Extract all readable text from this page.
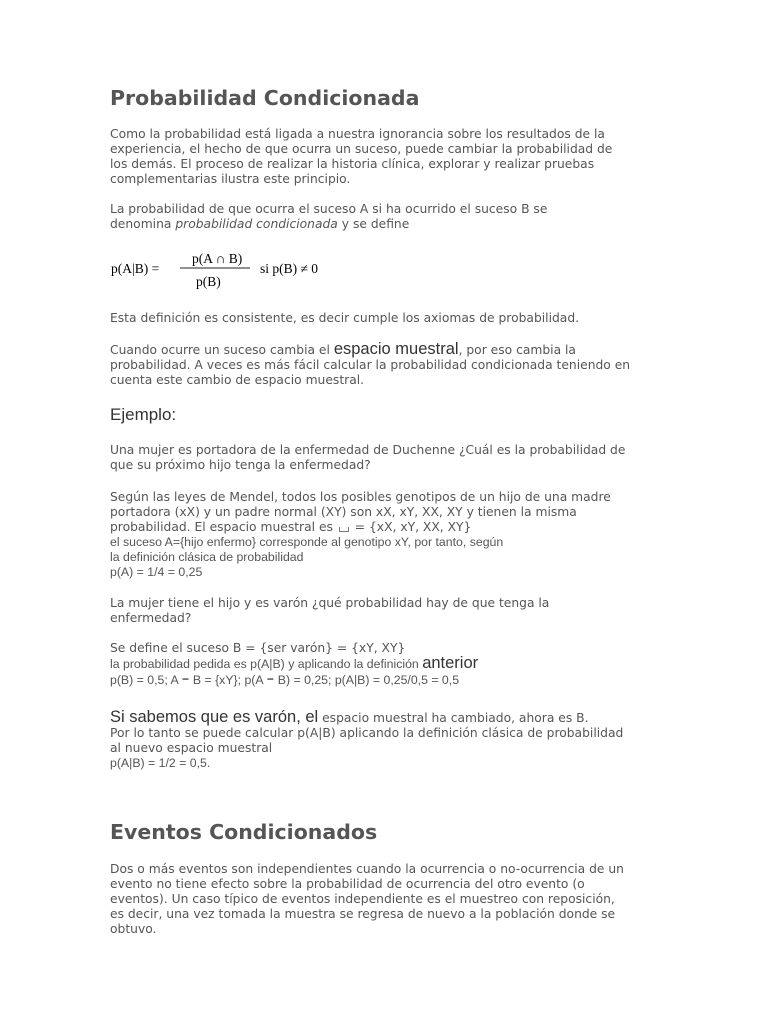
Probabilidad Condicionada
Como la probabilidad está ligada a nuestra ignorancia sobre los resultados de la
experiencia, el hecho de que ocurra un suceso, puede cambiar la probabilidad de
los demás. El proceso de realizar la historia clínica, explorar y realizar pruebas
complementarias ilustra este principio.
La probabilidad de que ocurra el suceso A si ha ocurrido el suceso B se
denomina probabilidad condicionada y se define
p(A|B) =
p(A ∩ B)
p(B)
si p(B) ≠ 0
Esta definición es consistente, es decir cumple los axiomas de probabilidad.
Cuando ocurre un suceso cambia el espacio muestral, por eso cambia la
probabilidad. A veces es más fácil calcular la probabilidad condicionada teniendo en
cuenta este cambio de espacio muestral.
Ejemplo:
Una mujer es portadora de la enfermedad de Duchenne ¿Cuál es la probabilidad de
que su próximo hijo tenga la enfermedad?
Según las leyes de Mendel, todos los posibles genotipos de un hijo de una madre
portadora (xX) y un padre normal (XY) son xX, xY, XX, XY y tienen la misma
probabilidad. El espacio muestral es  = {xX, xY, XX, XY}
el suceso A={hijo enfermo} corresponde al genotipo xY, por tanto, según
la definición clásica de probabilidad
p(A) = 1/4 = 0,25
La mujer tiene el hijo y es varón ¿qué probabilidad hay de que tenga la
enfermedad?
Se define el suceso B = {ser varón} = {xY, XY}
la probabilidad pedida es p(A|B) y aplicando la definición anterior
p(B) = 0,5; A ▬ B = {xY}; p(A ▬ B) = 0,25; p(A|B) = 0,25/0,5 = 0,5
Si sabemos que es varón, el espacio muestral ha cambiado, ahora es B.
Por lo tanto se puede calcular p(A|B) aplicando la definición clásica de probabilidad
al nuevo espacio muestral
p(A|B) = 1/2 = 0,5.
Eventos Condicionados
Dos o más eventos son independientes cuando la ocurrencia o no-ocurrencia de un
evento no tiene efecto sobre la probabilidad de ocurrencia del otro evento (o
eventos). Un caso típico de eventos independiente es el muestreo con reposición,
es decir, una vez tomada la muestra se regresa de nuevo a la población donde se
obtuvo.
